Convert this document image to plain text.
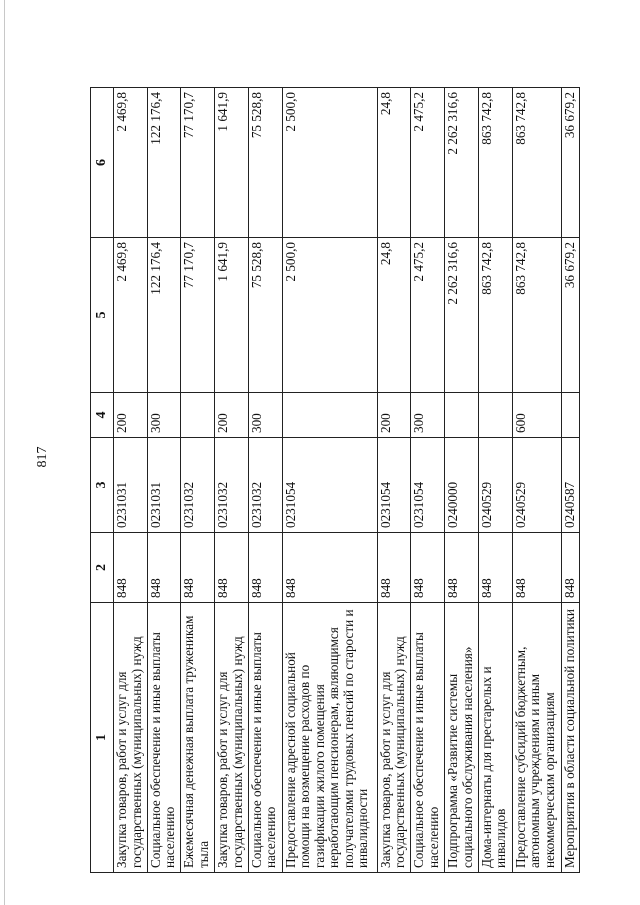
817
1	2	3	4	5	6
Закупка товаров, работ и услуг для государственных (муниципальных) нужд	848	0231031	200	2 469,8	2 469,8
Социальное обеспечение и иные выплаты населению	848	0231031	300	122 176,4	122 176,4
Ежемесячная денежная выплата труженикам тыла	848	0231032		77 170,7	77 170,7
Закупка товаров, работ и услуг для государственных (муниципальных) нужд	848	0231032	200	1 641,9	1 641,9
Социальное обеспечение и иные выплаты населению	848	0231032	300	75 528,8	75 528,8
Предоставление адресной социальной помощи на возмещение расходов по газификации жилого помещения неработающим пенсионерам, являющимся получателями трудовых пенсий по старости и инвалидности	848	0231054		2 500,0	2 500,0
Закупка товаров, работ и услуг для государственных (муниципальных) нужд	848	0231054	200	24,8	24,8
Социальное обеспечение и иные выплаты населению	848	0231054	300	2 475,2	2 475,2
Подпрограмма «Развитие системы социального обслуживания населения»	848	0240000		2 262 316,6	2 262 316,6
Дома-интернаты для престарелых и инвалидов	848	0240529		863 742,8	863 742,8
Предоставление субсидий бюджетным, автономным учреждениям и иным некоммерческим организациям	848	0240529	600	863 742,8	863 742,8
Мероприятия в области социальной политики	848	0240587		36 679,2	36 679,2
